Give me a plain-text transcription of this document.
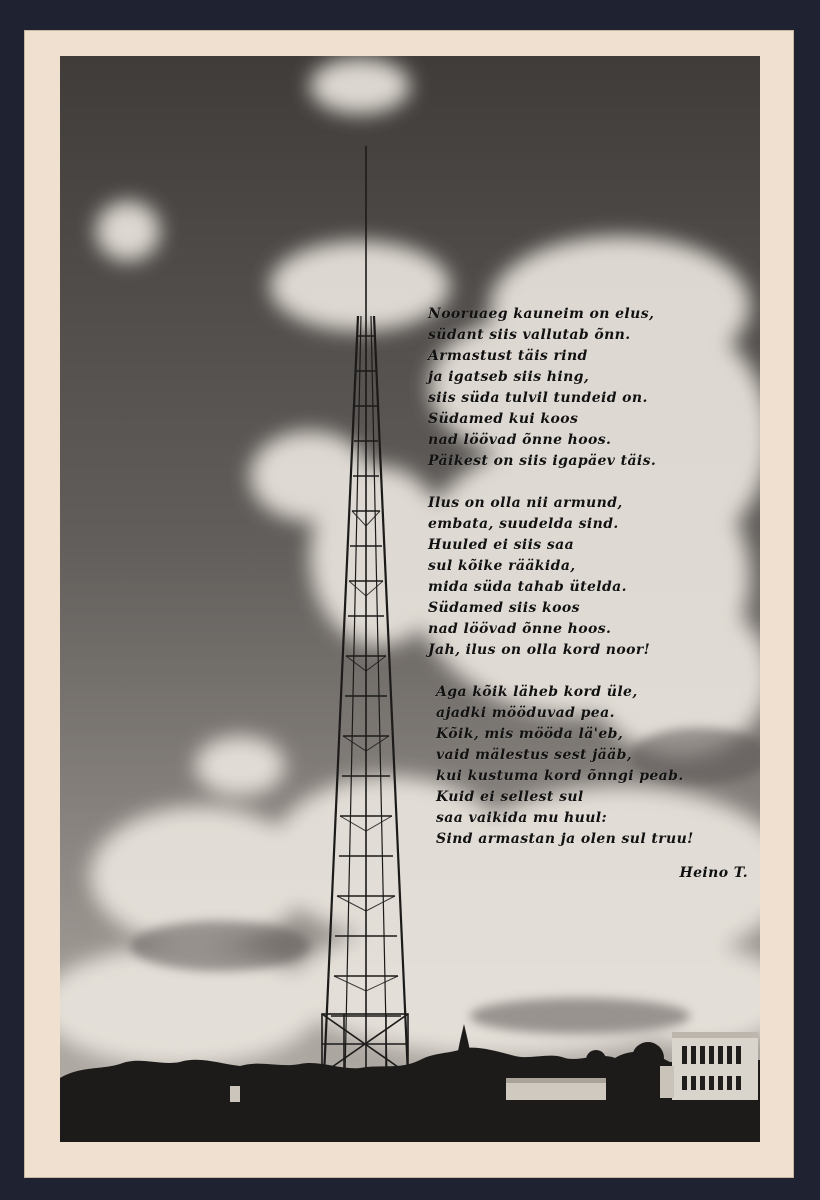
Nooruaeg kauneim on elus,
südant siis vallutab õnn.
Armastust täis rind
ja igatseb siis hing,
siis süda tulvil tundeid on.
Südamed kui koos
nad löövad õnne hoos.
Päikest on siis igapäev täis.
Ilus on olla nii armund,
embata, suudelda sind.
Huuled ei siis saa
sul kõike rääkida,
mida süda tahab ütelda.
Südamed siis koos
nad löövad õnne hoos.
Jah, ilus on olla kord noor!
Aga kõik läheb kord üle,
ajadki mööduvad pea.
Kõik, mis mööda lä'eb,
vaid mälestus sest jääb,
kui kustuma kord õnngi peab.
Kuid ei sellest sul
saa vaikida mu huul:
Sind armastan ja olen sul truu!
Heino T.
